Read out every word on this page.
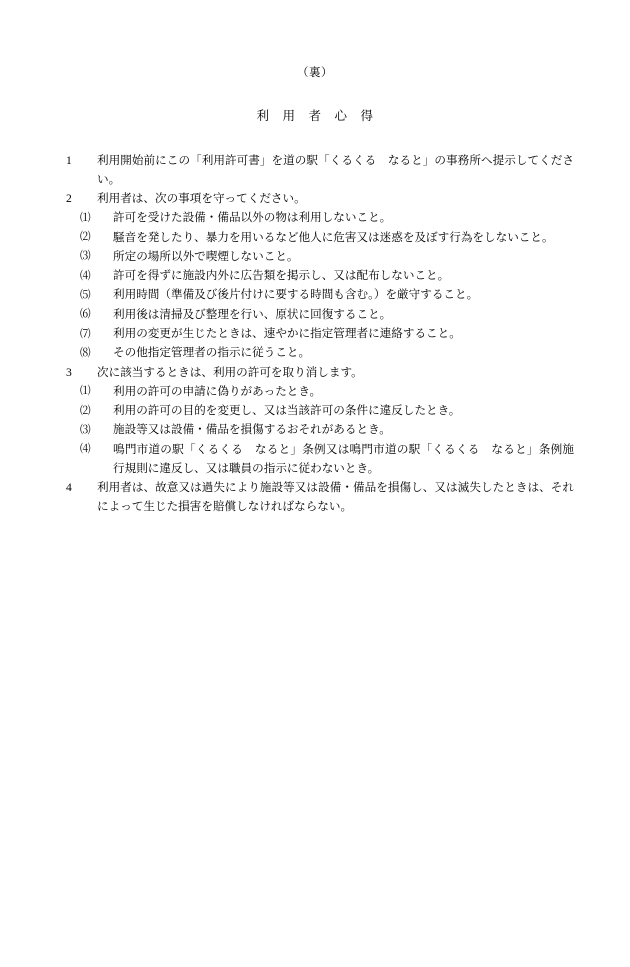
（裏）
利　用　者　心　得
1	利用開始前にこの「利用許可書」を道の駅「くるくる　なると」の事務所へ提示してください。
2	利用者は、次の事項を守ってください。
⑴	許可を受けた設備・備品以外の物は利用しないこと。
⑵	騒音を発したり、暴力を用いるなど他人に危害又は迷惑を及ぼす行為をしないこと。
⑶	所定の場所以外で喫煙しないこと。
⑷	許可を得ずに施設内外に広告類を掲示し、又は配布しないこと。
⑸	利用時間（準備及び後片付けに要する時間も含む。）を厳守すること。
⑹	利用後は清掃及び整理を行い、原状に回復すること。
⑺	利用の変更が生じたときは、速やかに指定管理者に連絡すること。
⑻	その他指定管理者の指示に従うこと。
3	次に該当するときは、利用の許可を取り消します。
⑴	利用の許可の申請に偽りがあったとき。
⑵	利用の許可の目的を変更し、又は当該許可の条件に違反したとき。
⑶	施設等又は設備・備品を損傷するおそれがあるとき。
⑷	鳴門市道の駅「くるくる　なると」条例又は鳴門市道の駅「くるくる　なると」条例施行規則に違反し、又は職員の指示に従わないとき。
4	利用者は、故意又は過失により施設等又は設備・備品を損傷し、又は滅失したときは、それによって生じた損害を賠償しなければならない。
